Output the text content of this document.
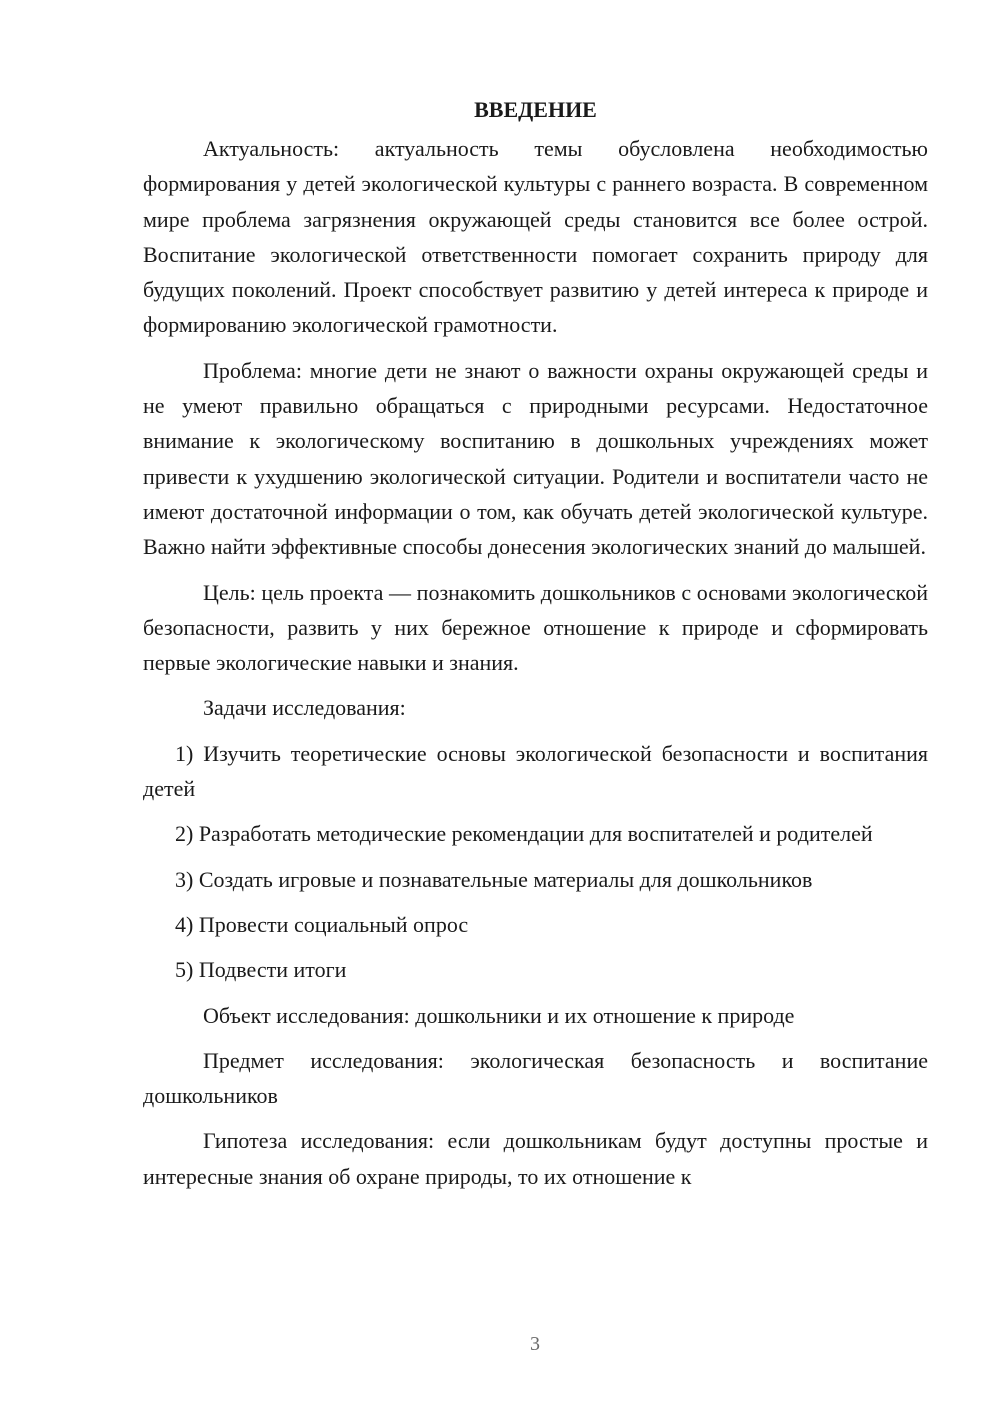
ВВЕДЕНИЕ

Актуальность: актуальность темы обусловлена необходимостью формирования у детей экологической культуры с раннего возраста. В современном мире проблема загрязнения окружающей среды становится все более острой. Воспитание экологической ответственности помогает сохранить природу для будущих поколений. Проект способствует развитию у детей интереса к природе и формированию экологической грамотности.

Проблема: многие дети не знают о важности охраны окружающей среды и не умеют правильно обращаться с природными ресурсами. Недостаточное внимание к экологическому воспитанию в дошкольных учреждениях может привести к ухудшению экологической ситуации. Родители и воспитатели часто не имеют достаточной информации о том, как обучать детей экологической культуре. Важно найти эффективные способы донесения экологических знаний до малышей.

Цель: цель проекта — познакомить дошкольников с основами экологической безопасности, развить у них бережное отношение к природе и сформировать первые экологические навыки и знания.

Задачи исследования:

1) Изучить теоретические основы экологической безопасности и воспитания детей

2) Разработать методические рекомендации для воспитателей и родителей

3) Создать игровые и познавательные материалы для дошкольников

4) Провести социальный опрос

5) Подвести итоги

Объект исследования: дошкольники и их отношение к природе

Предмет исследования: экологическая безопасность и воспитание дошкольников

Гипотеза исследования: если дошкольникам будут доступны простые и интересные знания об охране природы, то их отношение к

3
